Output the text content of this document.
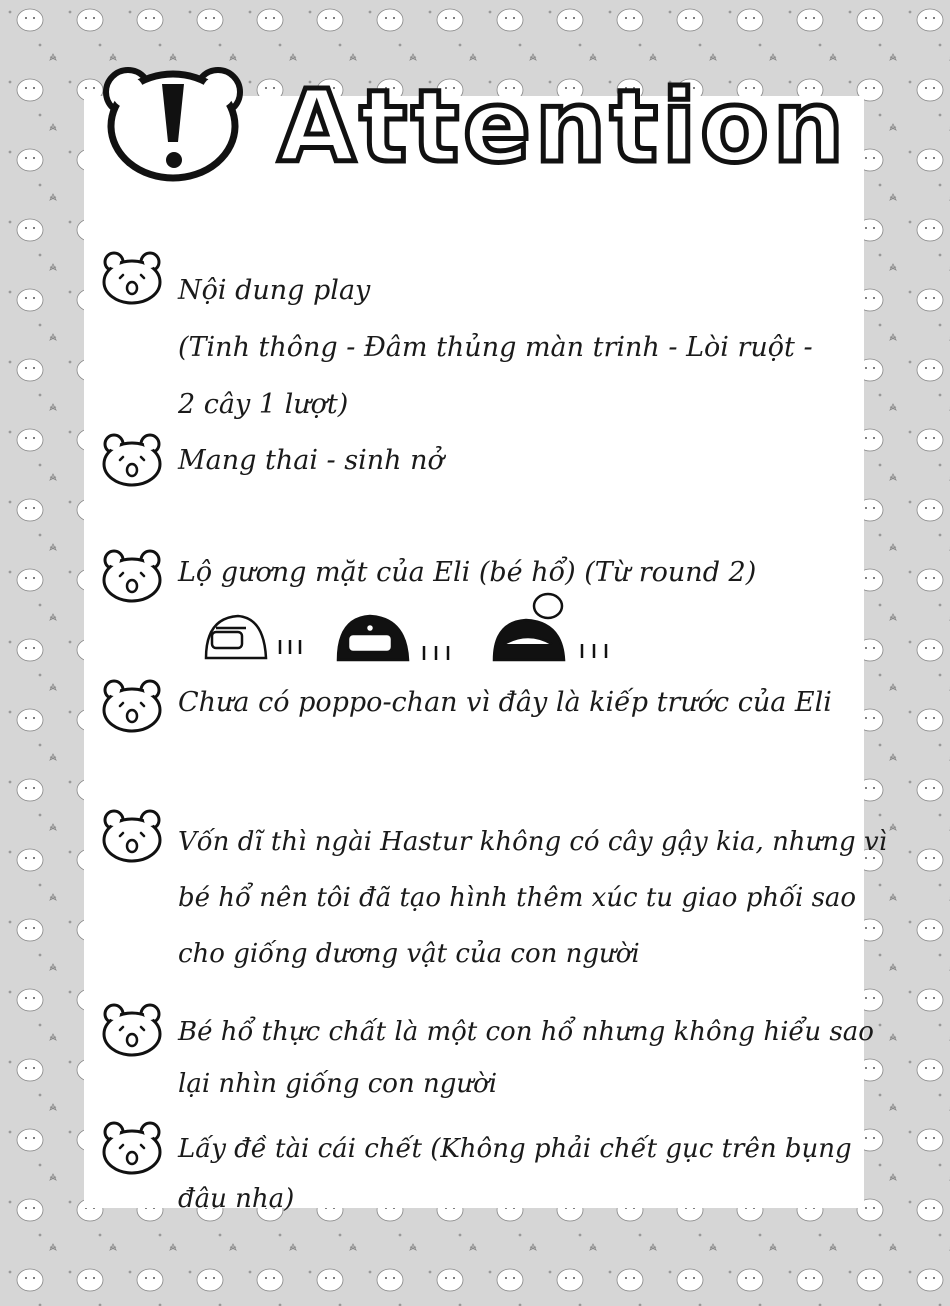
Attention
Nội dung play
(Tinh thông - Đâm thủng màn trinh - Lòi ruột -
2 cây 1 lượt)
Mang thai - sinh nở
Lộ gương mặt của Eli (bé hổ) (Từ round 2)
Chưa có poppo-chan vì đây là kiếp trước của Eli
Vốn dĩ thì ngài Hastur không có cây gậy kia, nhưng vì
bé hổ nên tôi đã tạo hình thêm xúc tu giao phối sao
cho giống dương vật của con người
Bé hổ thực chất là một con hổ nhưng không hiểu sao
lại nhìn giống con người
Lấy đề tài cái chết (Không phải chết gục trên bụng
đâu nha)
